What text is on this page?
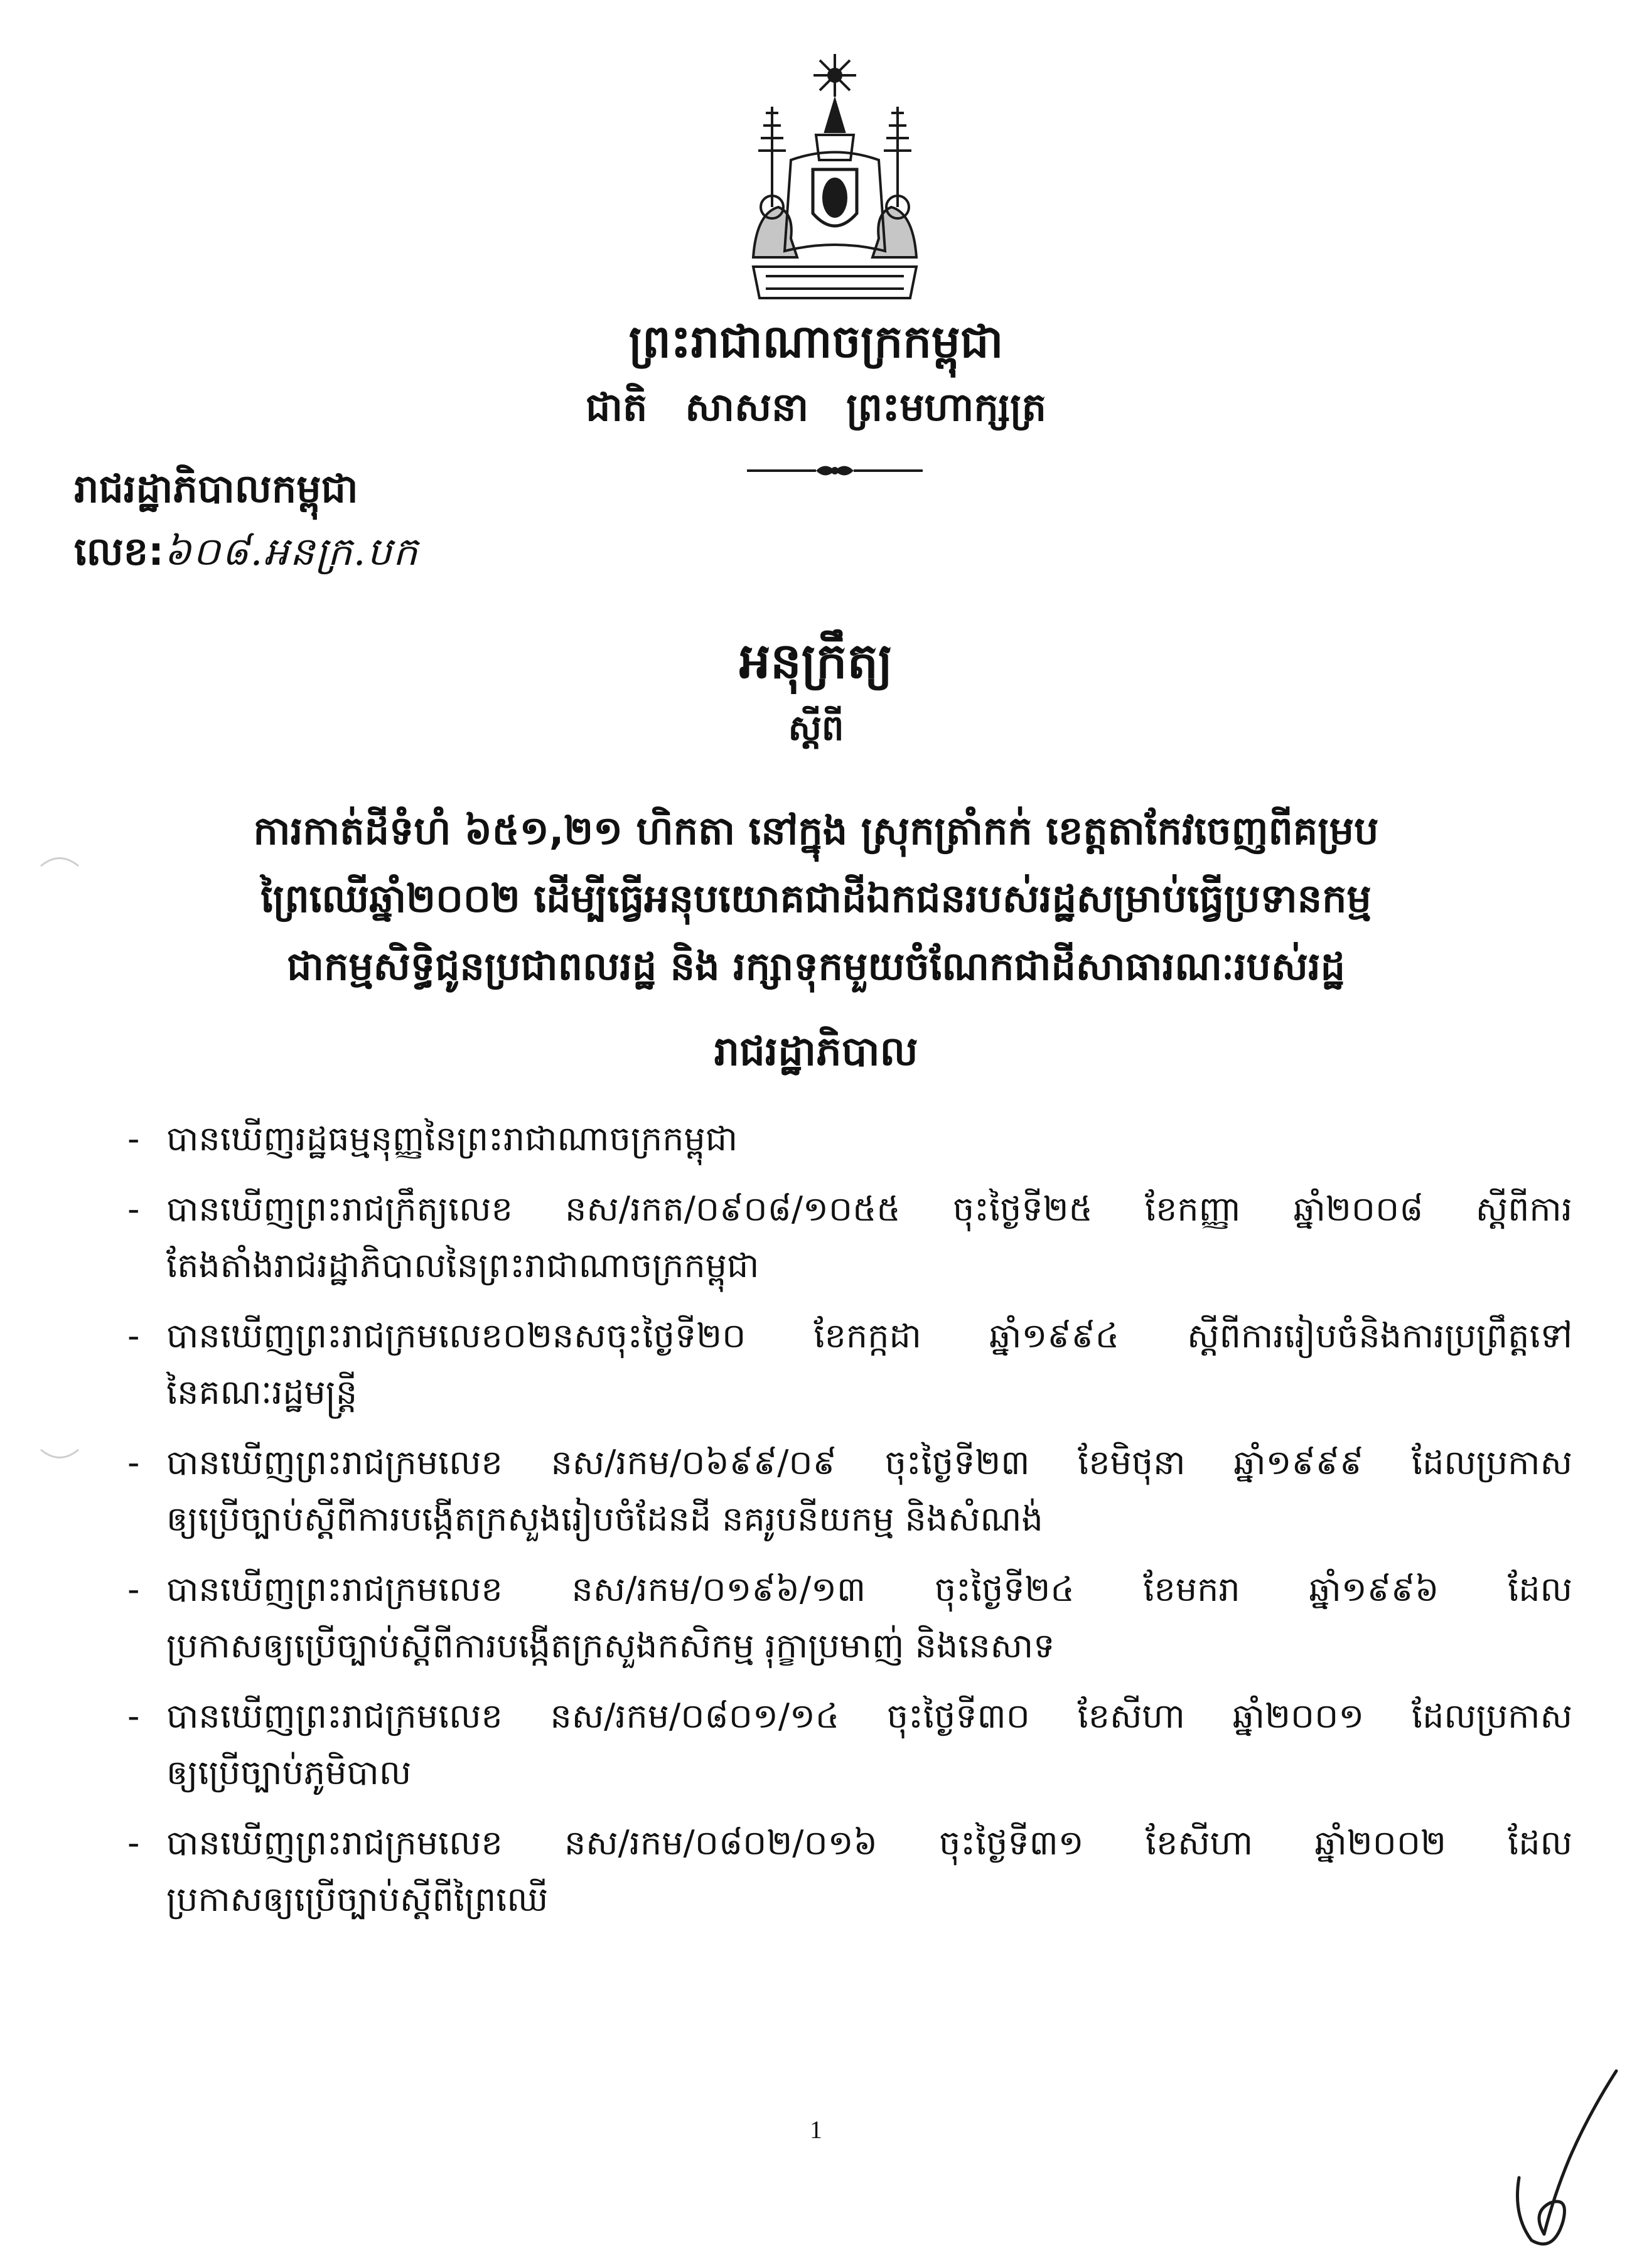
ព្រះរាជាណាចក្រកម្ពុជា
ជាតិ សាសនា ព្រះមហាក្សត្រ
រាជរដ្ឋាភិបាលកម្ពុជា
លេខ:៦០៨.អនក្រ.បក
អនុក្រឹត្យ
ស្តីពី
ការកាត់ដីទំហំ ៦៥១,២១ ហិកតា នៅក្នុង ស្រុកត្រាំកក់ ខេត្តតាកែវចេញពីគម្រប
ព្រៃឈើឆ្នាំ២០០២ ដើម្បីធ្វើអនុបយោគជាដីឯកជនរបស់រដ្ឋសម្រាប់ធ្វើប្រទានកម្ម
ជាកម្មសិទ្ធិជូនប្រជាពលរដ្ឋ និង រក្សាទុកមួយចំណែកជាដីសាធារណៈរបស់រដ្ឋ
រាជរដ្ឋាភិបាល
- បានឃើញរដ្ឋធម្មនុញ្ញនៃព្រះរាជាណាចក្រកម្ពុជា
- បានឃើញព្រះរាជក្រឹត្យលេខ នស/រកត/០៩០៨/១០៥៥ ចុះថ្ងៃទី២៥ ខែកញ្ញា ឆ្នាំ២០០៨ ស្តីពីការ
តែងតាំងរាជរដ្ឋាភិបាលនៃព្រះរាជាណាចក្រកម្ពុជា
- បានឃើញព្រះរាជក្រមលេខ០២នសចុះថ្ងៃទី២០ ខែកក្កដា ឆ្នាំ១៩៩៤ ស្តីពីការរៀបចំនិងការប្រព្រឹត្តទៅ
នៃគណៈរដ្ឋមន្ត្រី
- បានឃើញព្រះរាជក្រមលេខ នស/រកម/០៦៩៩/០៩ ចុះថ្ងៃទី២៣ ខែមិថុនា ឆ្នាំ១៩៩៩ ដែលប្រកាស
ឲ្យប្រើច្បាប់ស្តីពីការបង្កើតក្រសួងរៀបចំដែនដី នគរូបនីយកម្ម និងសំណង់
- បានឃើញព្រះរាជក្រមលេខ នស/រកម/០១៩៦/១៣ ចុះថ្ងៃទី២៤ ខែមករា ឆ្នាំ១៩៩៦ ដែល
ប្រកាសឲ្យប្រើច្បាប់ស្តីពីការបង្កើតក្រសួងកសិកម្ម រុក្ខាប្រមាញ់ និងនេសាទ
- បានឃើញព្រះរាជក្រមលេខ នស/រកម/០៨០១/១៤ ចុះថ្ងៃទី៣០ ខែសីហា ឆ្នាំ២០០១ ដែលប្រកាស
ឲ្យប្រើច្បាប់ភូមិបាល
- បានឃើញព្រះរាជក្រមលេខ នស/រកម/០៨០២/០១៦ ចុះថ្ងៃទី៣១ ខែសីហា ឆ្នាំ២០០២ ដែល
ប្រកាសឲ្យប្រើច្បាប់ស្តីពីព្រៃឈើ
1
